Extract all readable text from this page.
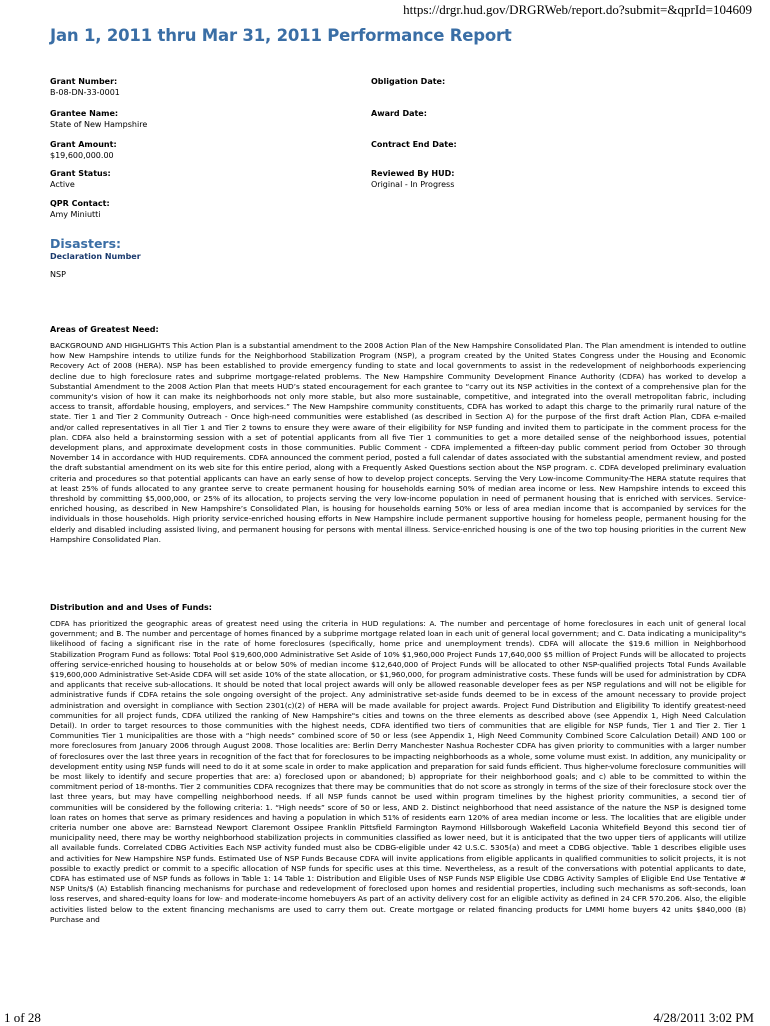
https://drgr.hud.gov/DRGRWeb/report.do?submit=&qprId=104609
Jan 1, 2011 thru Mar 31, 2011 Performance Report
Grant Number:
B-08-DN-33-0001
Grantee Name:
State of New Hampshire
Grant Amount:
$19,600,000.00
Grant Status:
Active
QPR Contact:
Amy Miniutti
Obligation Date:
Award Date:
Contract End Date:
Reviewed By HUD:
Original - In Progress
Disasters:
Declaration Number
NSP
Areas of Greatest Need:
BACKGROUND AND HIGHLIGHTS This Action Plan is a substantial amendment to the 2008 Action Plan of the New Hampshire Consolidated Plan. The Plan amendment is intended to outline how New Hampshire intends to utilize funds for the Neighborhood Stabilization Program (NSP), a program created by the United States Congress under the Housing and Economic Recovery Act of 2008 (HERA). NSP has been established to provide emergency funding to state and local governments to assist in the redevelopment of neighborhoods experiencing decline due to high foreclosure rates and subprime mortgage-related problems. The New Hampshire Community Development Finance Authority (CDFA) has worked to develop a Substantial Amendment to the 2008 Action Plan that meets HUD’s stated encouragement for each grantee to “carry out its NSP activities in the context of a comprehensive plan for the community's vision of how it can make its neighborhoods not only more stable, but also more sustainable, competitive, and integrated into the overall metropolitan fabric, including access to transit, affordable housing, employers, and services.” The New Hampshire community constituents, CDFA has worked to adapt this charge to the primarily rural nature of the state. Tier 1 and Tier 2 Community Outreach - Once high-need communities were established (as described in Section A) for the purpose of the first draft Action Plan, CDFA e-mailed and/or called representatives in all Tier 1 and Tier 2 towns to ensure they were aware of their eligibility for NSP funding and invited them to participate in the comment process for the plan. CDFA also held a brainstorming session with a set of potential applicants from all five Tier 1 communities to get a more detailed sense of the neighborhood issues, potential development plans, and approximate development costs in those communities. Public Comment - CDFA implemented a fifteen-day public comment period from October 30 through November 14 in accordance with HUD requirements. CDFA announced the comment period, posted a full calendar of dates associated with the substantial amendment review, and posted the draft substantial amendment on its web site for this entire period, along with a Frequently Asked Questions section about the NSP program. c. CDFA developed preliminary evaluation criteria and procedures so that potential applicants can have an early sense of how to develop project concepts. Serving the Very Low-income Community-The HERA statute requires that at least 25% of funds allocated to any grantee serve to create permanent housing for households earning 50% of median area income or less. New Hampshire intends to exceed this threshold by committing $5,000,000, or 25% of its allocation, to projects serving the very low-income population in need of permanent housing that is enriched with services. Service-enriched housing, as described in New Hampshire’s Consolidated Plan, is housing for households earning 50% or less of area median income that is accompanied by services for the individuals in those households. High priority service-enriched housing efforts in New Hampshire include permanent supportive housing for homeless people, permanent housing for the elderly and disabled including assisted living, and permanent housing for persons with mental illness. Service-enriched housing is one of the two top housing priorities in the current New Hampshire Consolidated Plan.
Distribution and and Uses of Funds:
CDFA has prioritized the geographic areas of greatest need using the criteria in HUD regulations: A. The number and percentage of home foreclosures in each unit of general local government; and B. The number and percentage of homes financed by a subprime mortgage related loan in each unit of general local government; and C. Data indicating a municipality"s likelihood of facing a significant rise in the rate of home foreclosures (specifically, home price and unemployment trends). CDFA will allocate the $19.6 million in Neighborhood Stabilization Program Fund as follows: Total Pool $19,600,000 Administrative Set Aside of 10% $1,960,000 Project Funds 17,640,000 $5 million of Project Funds will be allocated to projects offering service-enriched housing to households at or below 50% of median income $12,640,000 of Project Funds will be allocated to other NSP-qualified projects Total Funds Available $19,600,000 Administrative Set-Aside CDFA will set aside 10% of the state allocation, or $1,960,000, for program administrative costs. These funds will be used for administration by CDFA and applicants that receive sub-allocations. It should be noted that local project awards will only be allowed reasonable developer fees as per NSP regulations and will not be eligible for administrative funds if CDFA retains the sole ongoing oversight of the project. Any administrative set-aside funds deemed to be in excess of the amount necessary to provide project administration and oversight in compliance with Section 2301(c)(2) of HERA will be made available for project awards. Project Fund Distribution and Eligibility To identify greatest-need communities for all project funds, CDFA utilized the ranking of New Hampshire"s cities and towns on the three elements as described above (see Appendix 1, High Need Calculation Detail). In order to target resources to those communities with the highest needs, CDFA identified two tiers of communities that are eligible for NSP funds, Tier 1 and Tier 2. Tier 1 Communities Tier 1 municipalities are those with a “high needs” combined score of 50 or less (see Appendix 1, High Need Community Combined Score Calculation Detail) AND 100 or more foreclosures from January 2006 through August 2008. Those localities are: Berlin Derry Manchester Nashua Rochester CDFA has given priority to communities with a larger number of foreclosures over the last three years in recognition of the fact that for foreclosures to be impacting neighborhoods as a whole, some volume must exist. In addition, any municipality or development entity using NSP funds will need to do it at some scale in order to make application and preparation for said funds efficient. Thus higher-volume foreclosure communities will be most likely to identify and secure properties that are: a) foreclosed upon or abandoned; b) appropriate for their neighborhood goals; and c) able to be committed to within the commitment period of 18-months. Tier 2 communities CDFA recognizes that there may be communities that do not score as strongly in terms of the size of their foreclosure stock over the last three years, but may have compelling neighborhood needs. If all NSP funds cannot be used within program timelines by the highest priority communities, a second tier of communities will be considered by the following criteria: 1. “High needs” score of 50 or less, AND 2. Distinct neighborhood that need assistance of the nature the NSP is designed tome loan rates on homes that serve as primary residences and having a population in which 51% of residents earn 120% of area median income or less. The localities that are eligible under criteria number one above are: Barnstead Newport Claremont Ossipee Franklin Pittsfield Farmington Raymond Hillsborough Wakefield Laconia Whitefield Beyond this second tier of municipality need, there may be worthy neighborhood stabilization projects in communities classified as lower need, but it is anticipated that the two upper tiers of applicants will utilize all available funds. Correlated CDBG Activities Each NSP activity funded must also be CDBG-eligible under 42 U.S.C. 5305(a) and meet a CDBG objective. Table 1 describes eligible uses and activities for New Hampshire NSP funds. Estimated Use of NSP Funds Because CDFA will invite applications from eligible applicants in qualified communities to solicit projects, it is not possible to exactly predict or commit to a specific allocation of NSP funds for specific uses at this time. Nevertheless, as a result of the conversations with potential applicants to date, CDFA has estimated use of NSP funds as follows in Table 1: 14 Table 1: Distribution and Eligible Uses of NSP Funds NSP Eligible Use CDBG Activity Samples of Eligible End Use Tentative # NSP Units/$ (A) Establish financing mechanisms for purchase and redevelopment of foreclosed upon homes and residential properties, including such mechanisms as soft-seconds, loan loss reserves, and shared-equity loans for low- and moderate-income homebuyers As part of an activity delivery cost for an eligible activity as defined in 24 CFR 570.206. Also, the eligible activities listed below to the extent financing mechanisms are used to carry them out. Create mortgage or related financing products for LMMI home buyers 42 units $840,000 (B) Purchase and
1 of 28	4/28/2011 3:02 PM
